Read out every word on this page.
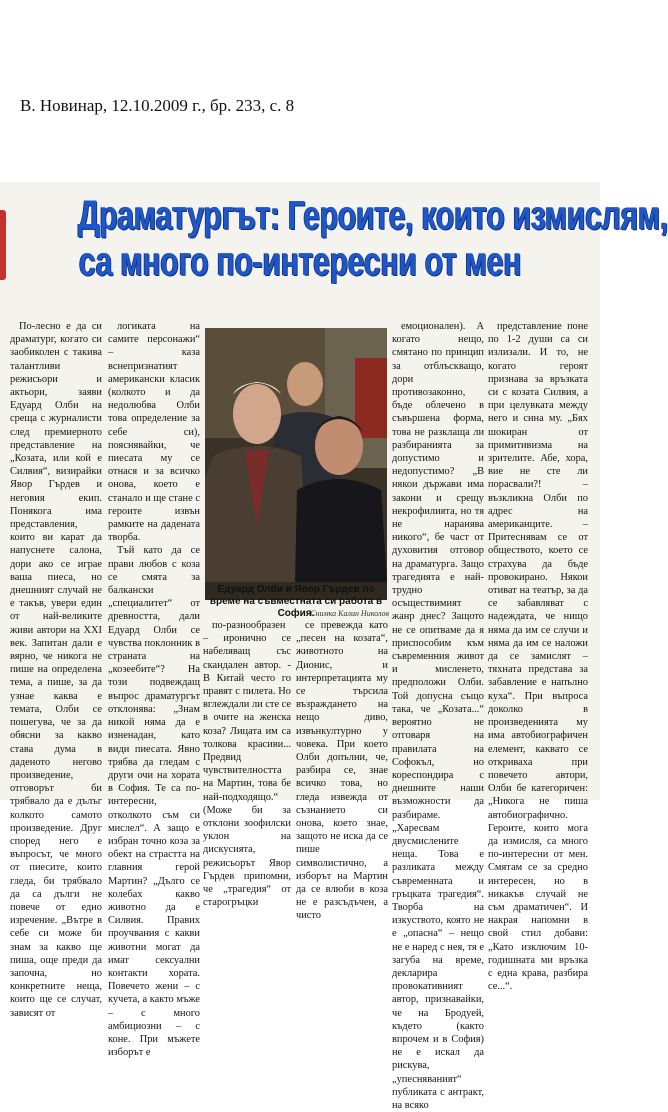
В. Новинар, 12.10.2009 г., бр. 233, с. 8
Драматургът: Героите, които измислям,
са много по-интересни от мен

По-лесно е да си драматург, когато си заобиколен с такива талантливи режисьори и актьори, заяви Едуард Олби на среща с журналисти след премиерното представление на „Козата, или кой е Силвия“, визирайки Явор Гърдев и неговия екип. Понякога има представления, които ви карат да напуснете салона, дори ако се играе ваша пиеса, но днешният случай не е такъв, увери един от най-великите живи автори на XXI век. Запитан дали е вярно, че никога не пише на определена тема, а пише, за да узнае каква е темата, Олби се пошегува, че за да обясни за какво става дума в даденото негово произведение, отговорът би трябвало да е дълъг колкото самото произведение. Друг според него е въпросът, че много от пиесите, които гледа, би трябвало да са дълги не повече от едно изречение. „Вътре в себе си може би знам за какво ще пиша, още преди да започна, но конкретните неща, които ще се случат, зависят от

логиката на самите персонажи“ – каза вснепризнатият американски класик (колкото и да недолюбва Олби това определение за себе си), пояснявайки, че пиесата му се отнася и за всичко онова, което е станало и ще стане с героите извън рамките на дадената творба.

Тъй като да се прави любов с коза се смята за балкански „специалитет“ от древността, дали Едуард Олби се чувства поклонник в страната на „козеебите“? На този подвеждащ въпрос драматургът отклонява: „Знам никой няма да е изненадан, като види пиесата. Явно трябва да гледам с други очи на хората в София. Те са по-интересни, отколкото съм си мислел“. А защо е избран точно коза за обект на страстта на главния герой Мартин? „Дълго се колебах какво животно да е Силвия. Правих проучвания с какви животни могат да имат сексуални контакти хората. Повечето жени – с кучета, а както мъже – с много амбициозни – с коне. При мъжете изборът е

Едуард Олби и Явор Гърдев по време на съвместната си работа в София.
Снимка Калин Николов

по-разнообразен – иронично се набеляващ със скандален автор. - В Китай често го правят с пилета. Но вглеждали ли сте се в очите на женска коза? Лицата им са толкова красиви... Предвид чувствителността на Мартин, това бе най-подходящо.“ (Може би за отклони зоофилски уклон на дискусията, режисьорът Явор Гърдев припомни, че „трагедия“ от старогръцки

се превежда като „песен на козата“, животното на Дионис, и интерпретацията му се търсила възраждането на нещо диво, извънкултурно у човека. При което Олби допълни, че, разбира се, знае всичко това, но гледа извежда от съзнанието си онова, което знае, защото не иска да се пише символистично, а изборът на Мартин да се влюби в коза не е разсъдъчен, а чисто

емоционален). А когато нещо, смятано по принцип за отблъскващо, дори противозаконно, бъде облечено в съвършена форма, това не разклаща ли разбиранията за допустимо и недопустимо? „В някои държави има закони и срещу некрофилията, но тя не наранява никого“, бе част от духовития отговор на драматурга. Защо трагедията е най-трудно осъществимият жанр днес? Защото не се опитваме да я приспособим към съвременния живот и мисленето, предположи Олби. Той допусна също така, че „Козата...“ вероятно не отговаря на правилата на Софокъл, но кореспондира с днешните наши възможности да разбираме. „Харесвам двусмислените неща. Това е разликата между съвременната и гръцката трагедия“. Творба на изкуството, която не е „опасна“ – нещо не е наред с нея, тя е загуба на време, декларира провокативният автор, признавайки, че на Бродуей, където (както впрочем и в София) не е искал да рискува, „упесняваният“ публиката с антракт, на всяко

представление поне по 1-2 души са си излизали. И то, не когато героят признава за връзката си с козата Силвия, а при целувката между него и сина му. „Бях шокиран от примитивизма на зрителите. Абе, хора, вие не сте ли порасвали?! – възкликна Олби по адрес на американците. – Притеснявам се от обществото, което се страхува да бъде провокирано. Някои отиват на театър, за да се забавляват с надеждата, че нищо няма да им се случи и няма да им се наложи да се замислят – тяхната представа за забавление е напълно куха“. При въпроса доколко в произведенията му има автобиографичен елемент, каквато се откриваха при повечето автори, Олби бе категоричен: „Никога не пиша автобиографично. Героите, които мога да измисля, са много по-интересни от мен. Смятам се за средно интересен, но в никакъв случай не съм драматичен“. И накрая напомни в свой стил добави: „Като изключим 10-годишната ми връзка с една крава, разбира се...“.
